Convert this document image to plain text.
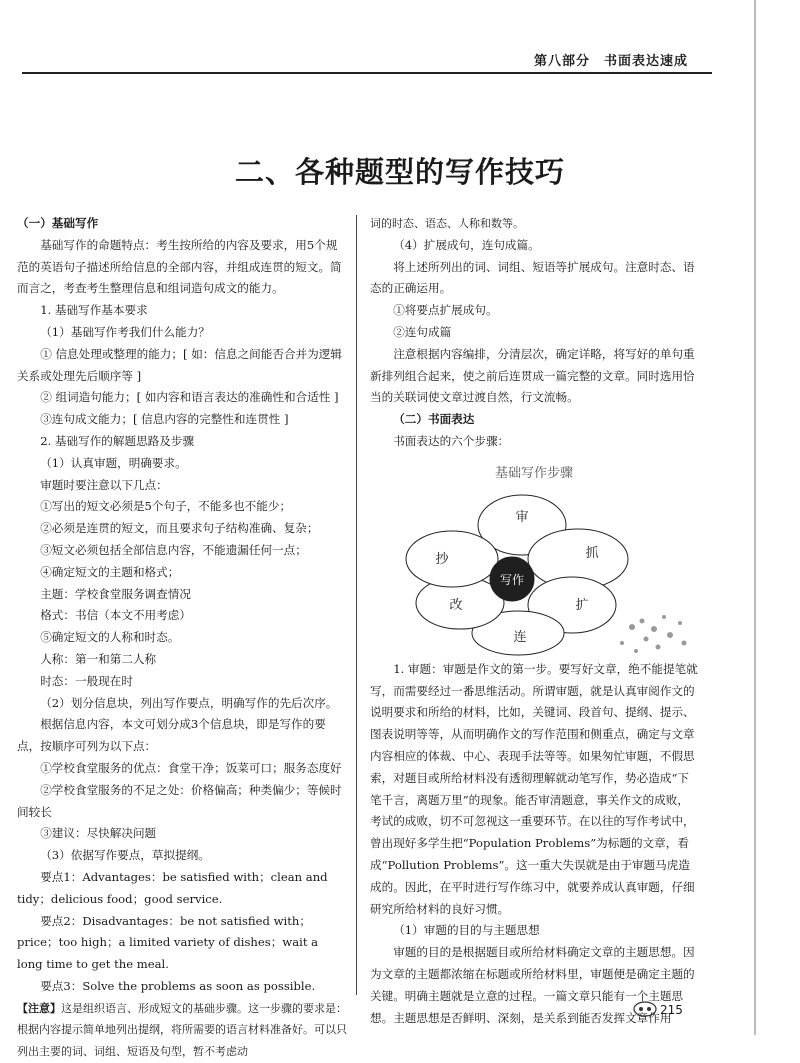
第八部分　书面表达速成
二、各种题型的写作技巧

（一）基础写作

基础写作的命题特点：考生按所给的内容及要求，用5个规范的英语句子描述所给信息的全部内容，并组成连贯的短文。简而言之，考查考生整理信息和组词造句成文的能力。

1. 基础写作基本要求

（1）基础写作考我们什么能力？

① 信息处理或整理的能力；[ 如：信息之间能否合并为逻辑关系或处理先后顺序等 ]

② 组词造句能力；[ 如内容和语言表达的准确性和合适性 ]

③连句成文能力；[ 信息内容的完整性和连贯性 ]

2. 基础写作的解题思路及步骤

（1）认真审题，明确要求。

审题时要注意以下几点：

①写出的短文必须是5个句子，不能多也不能少；

②必须是连贯的短文，而且要求句子结构准确、复杂；

③短文必须包括全部信息内容，不能遗漏任何一点；

④确定短文的主题和格式；

主题：学校食堂服务调查情况

格式：书信（本文不用考虑）

⑤确定短文的人称和时态。

人称：第一和第二人称

时态：一般现在时

（2）划分信息块，列出写作要点，明确写作的先后次序。

根据信息内容，本文可划分成3个信息块，即是写作的要点，按顺序可列为以下点：

①学校食堂服务的优点：食堂干净；饭菜可口；服务态度好

②学校食堂服务的不足之处：价格偏高；种类偏少；等候时间较长

③建议：尽快解决问题

（3）依据写作要点，草拟提纲。

要点1：Advantages：be satisfied with；clean and tidy；delicious food；good service.

要点2：Disadvantages：be not satisfied with；price；too high；a limited variety of dishes；wait a long time to get the meal.

要点3：Solve the problems as soon as possible.

【注意】这是组织语言、形成短文的基础步骤。这一步骤的要求是：根据内容提示简单地列出提纲，将所需要的语言材料准备好。可以只列出主要的词、词组、短语及句型，暂不考虑动

词的时态、语态、人称和数等。

（4）扩展成句，连句成篇。

将上述所列出的词、词组、短语等扩展成句。注意时态、语态的正确运用。

①将要点扩展成句。

②连句成篇

注意根据内容编排，分清层次，确定详略，将写好的单句重新排列组合起来，使之前后连贯成一篇完整的文章。同时选用恰当的关联词使文章过渡自然，行文流畅。

（二）书面表达

书面表达的六个步骤：

基础写作步骤
审
抓
扩
连
改
抄
写作

1. 审题：审题是作文的第一步。要写好文章，绝不能提笔就写，而需要经过一番思维活动。所谓审题，就是认真审阅作文的说明要求和所给的材料，比如，关键词、段首句、提纲、提示、图表说明等等，从而明确作文的写作范围和侧重点，确定与文章内容相应的体裁、中心、表现手法等等。如果匆忙审题，不假思索，对题目或所给材料没有透彻理解就动笔写作，势必造成“下笔千言，离题万里”的现象。能否审清题意，事关作文的成败，考试的成败，切不可忽视这一重要环节。在以往的写作考试中，曾出现好多学生把“Population Problems”为标题的文章，看成“Pollution Problems”。这一重大失误就是由于审题马虎造成的。因此，在平时进行写作练习中，就要养成认真审题，仔细研究所给材料的良好习惯。

（1）审题的目的与主题思想

审题的目的是根据题目或所给材料确定文章的主题思想。因为文章的主题都浓缩在标题或所给材料里，审题便是确定主题的关键。明确主题就是立意的过程。一篇文章只能有一个主题思想。主题思想是否鲜明、深刻，是关系到能否发挥文章作用

215
